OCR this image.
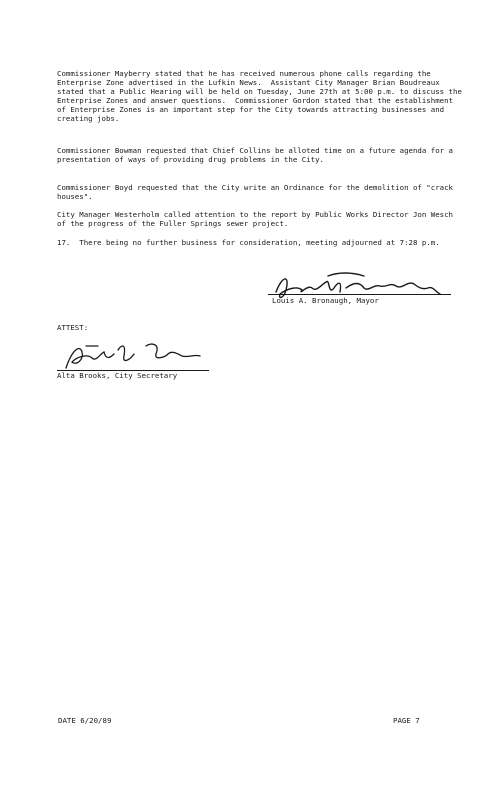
Commissioner Mayberry stated that he has received numerous phone calls regarding the Enterprise Zone advertised in the Lufkin News.  Assistant City Manager Brian Boudreaux stated that a Public Hearing will be held on Tuesday, June 27th at 5:00 p.m. to discuss the Enterprise Zones and answer questions.  Commissioner Gordon stated that the establishment of Enterprise Zones is an important step for the City towards attracting businesses and creating jobs.

Commissioner Bowman requested that Chief Collins be alloted time on a future agenda for a presentation of ways of providing drug problems in the City.

Commissioner Boyd requested that the City write an Ordinance for the demolition of "crack houses".

City Manager Westerholm called attention to the report by Public Works Director Jon Wesch of the progress of the Fuller Springs sewer project.

17.  There being no further business for consideration, meeting adjourned at 7:28 p.m.

Louis A. Bronaugh, Mayor
ATTEST:
Alta Brooks, City Secretary
DATE 6/20/89	PAGE 7
